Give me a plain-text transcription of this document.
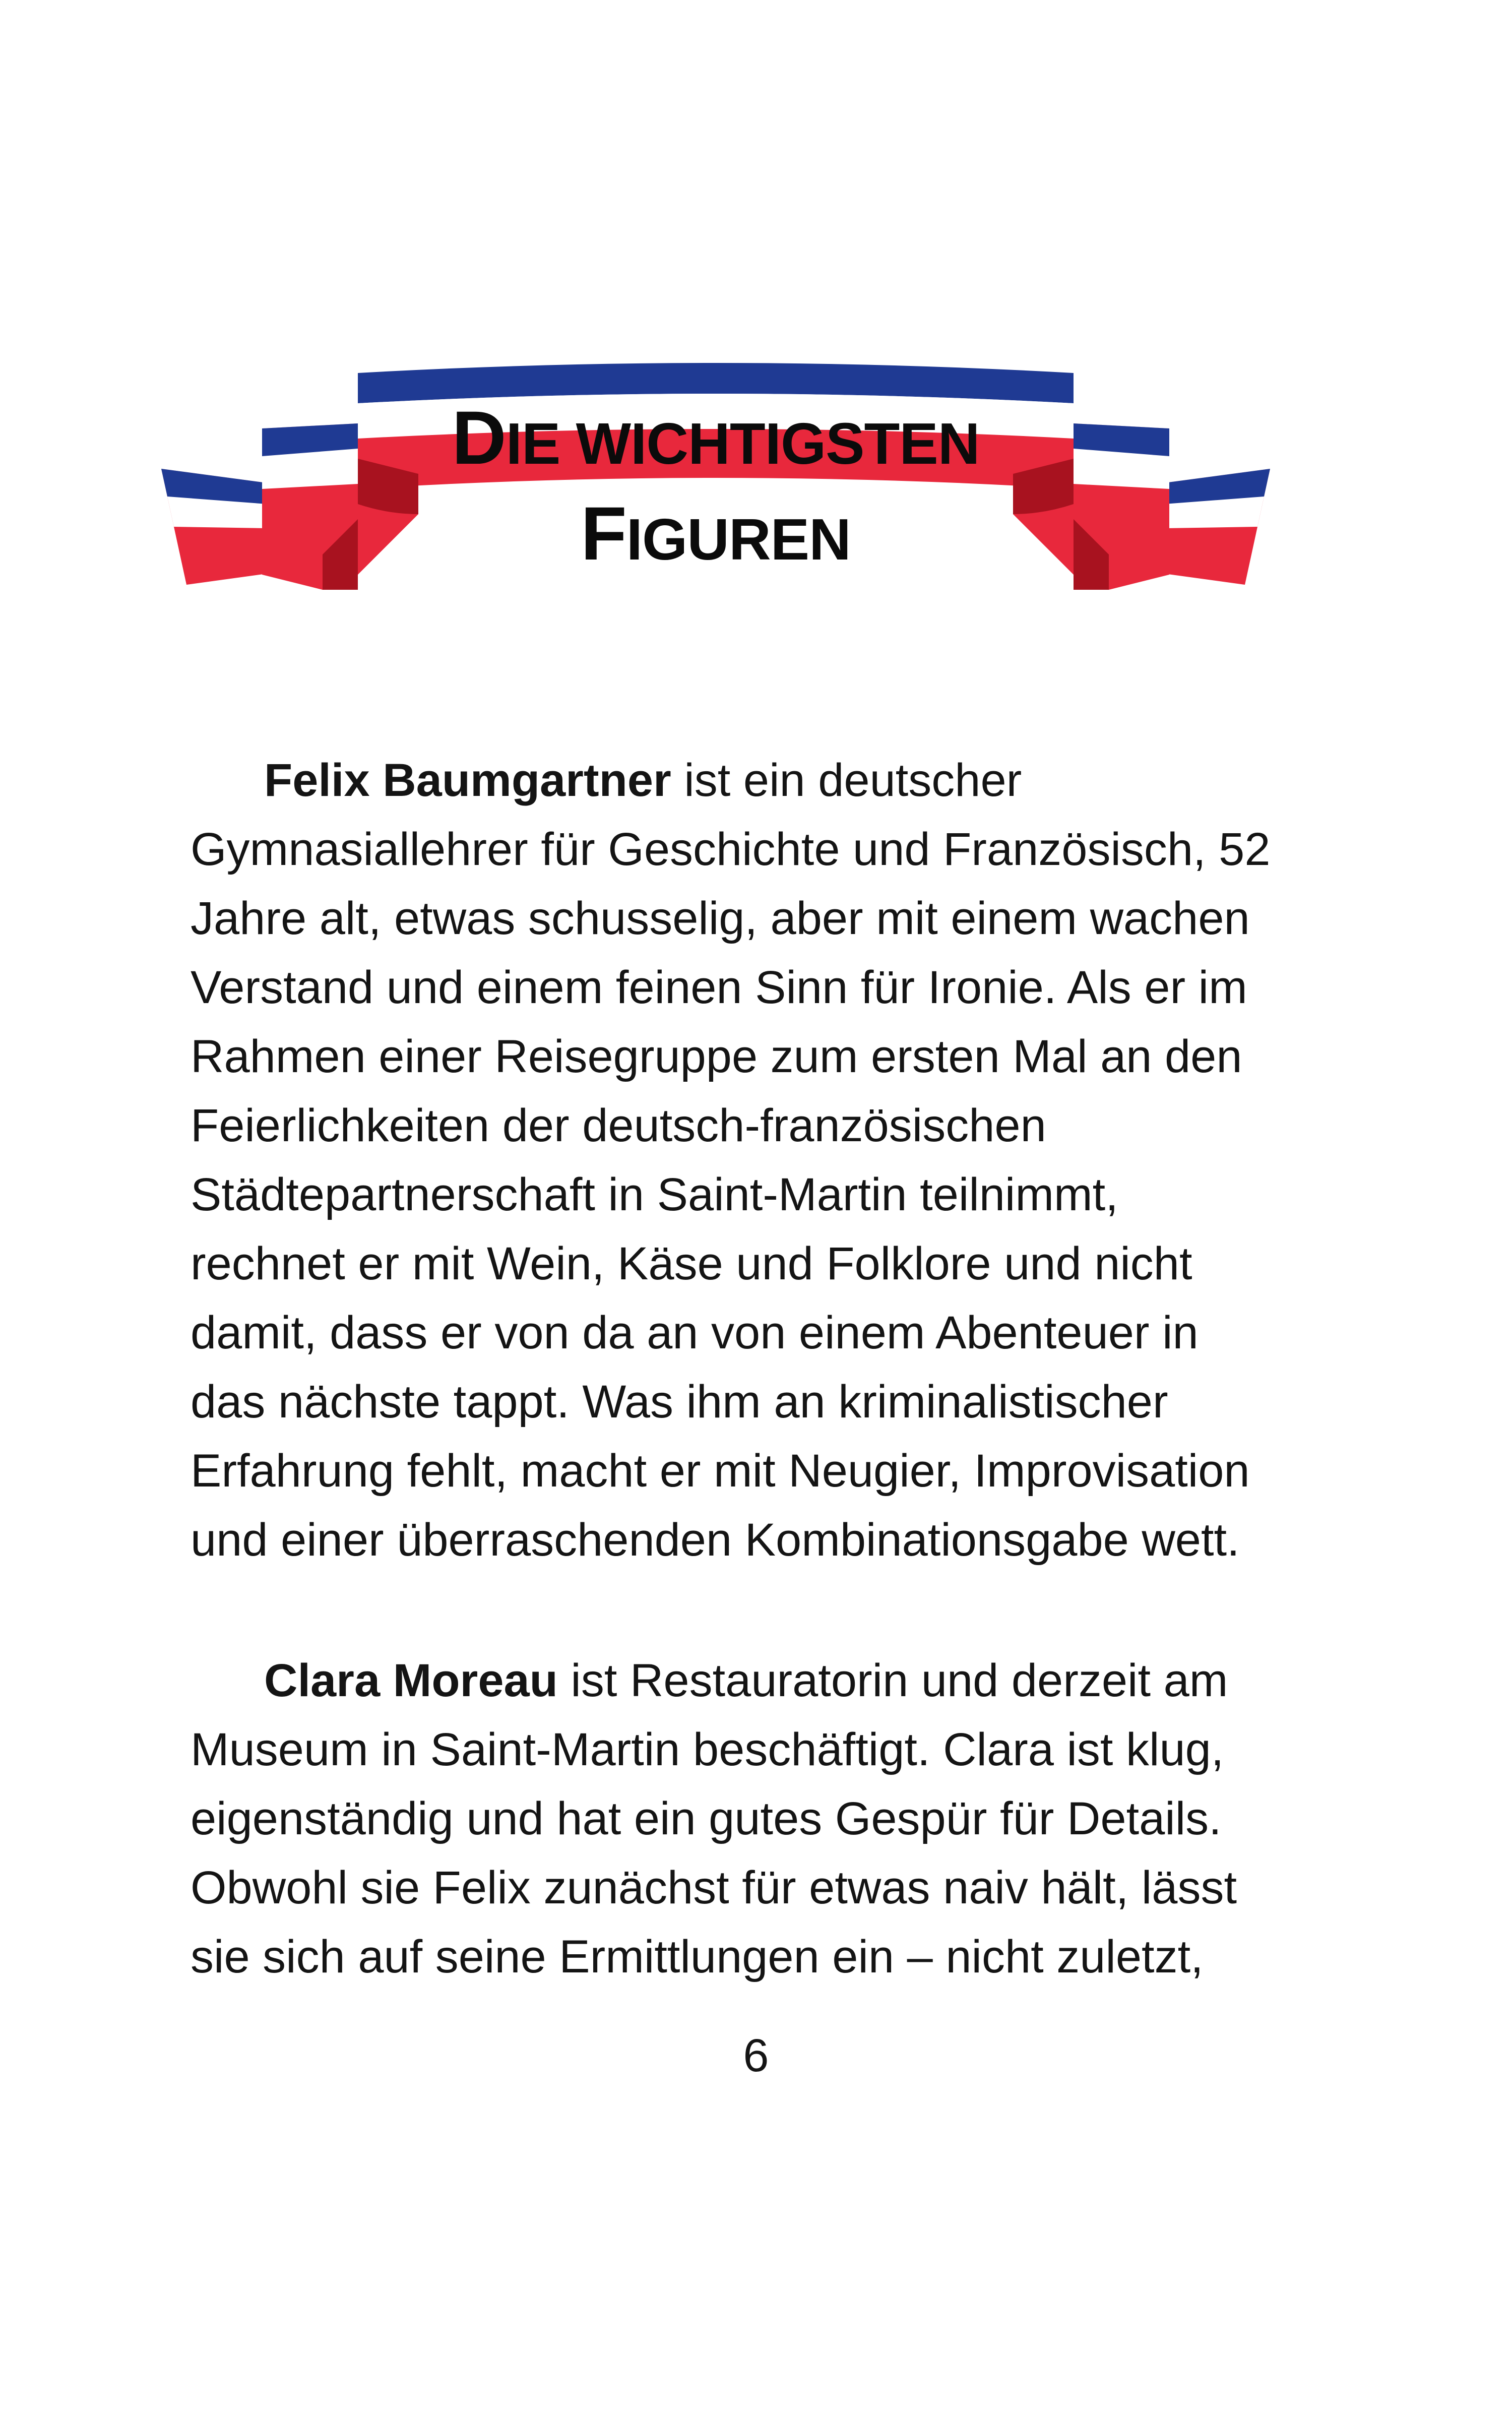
DIE WICHTIGSTEN
FIGUREN
Felix Baumgartner ist ein deutscher
Gymnasiallehrer für Geschichte und Französisch, 52
Jahre alt, etwas schusselig, aber mit einem wachen
Verstand und einem feinen Sinn für Ironie. Als er im
Rahmen einer Reisegruppe zum ersten Mal an den
Feierlichkeiten der deutsch-französischen
Städtepartnerschaft in Saint-Martin teilnimmt,
rechnet er mit Wein, Käse und Folklore und nicht
damit, dass er von da an von einem Abenteuer in
das nächste tappt. Was ihm an kriminalistischer
Erfahrung fehlt, macht er mit Neugier, Improvisation
und einer überraschenden Kombinationsgabe wett.
Clara Moreau ist Restauratorin und derzeit am
Museum in Saint-Martin beschäftigt. Clara ist klug,
eigenständig und hat ein gutes Gespür für Details.
Obwohl sie Felix zunächst für etwas naiv hält, lässt
sie sich auf seine Ermittlungen ein – nicht zuletzt,
6
